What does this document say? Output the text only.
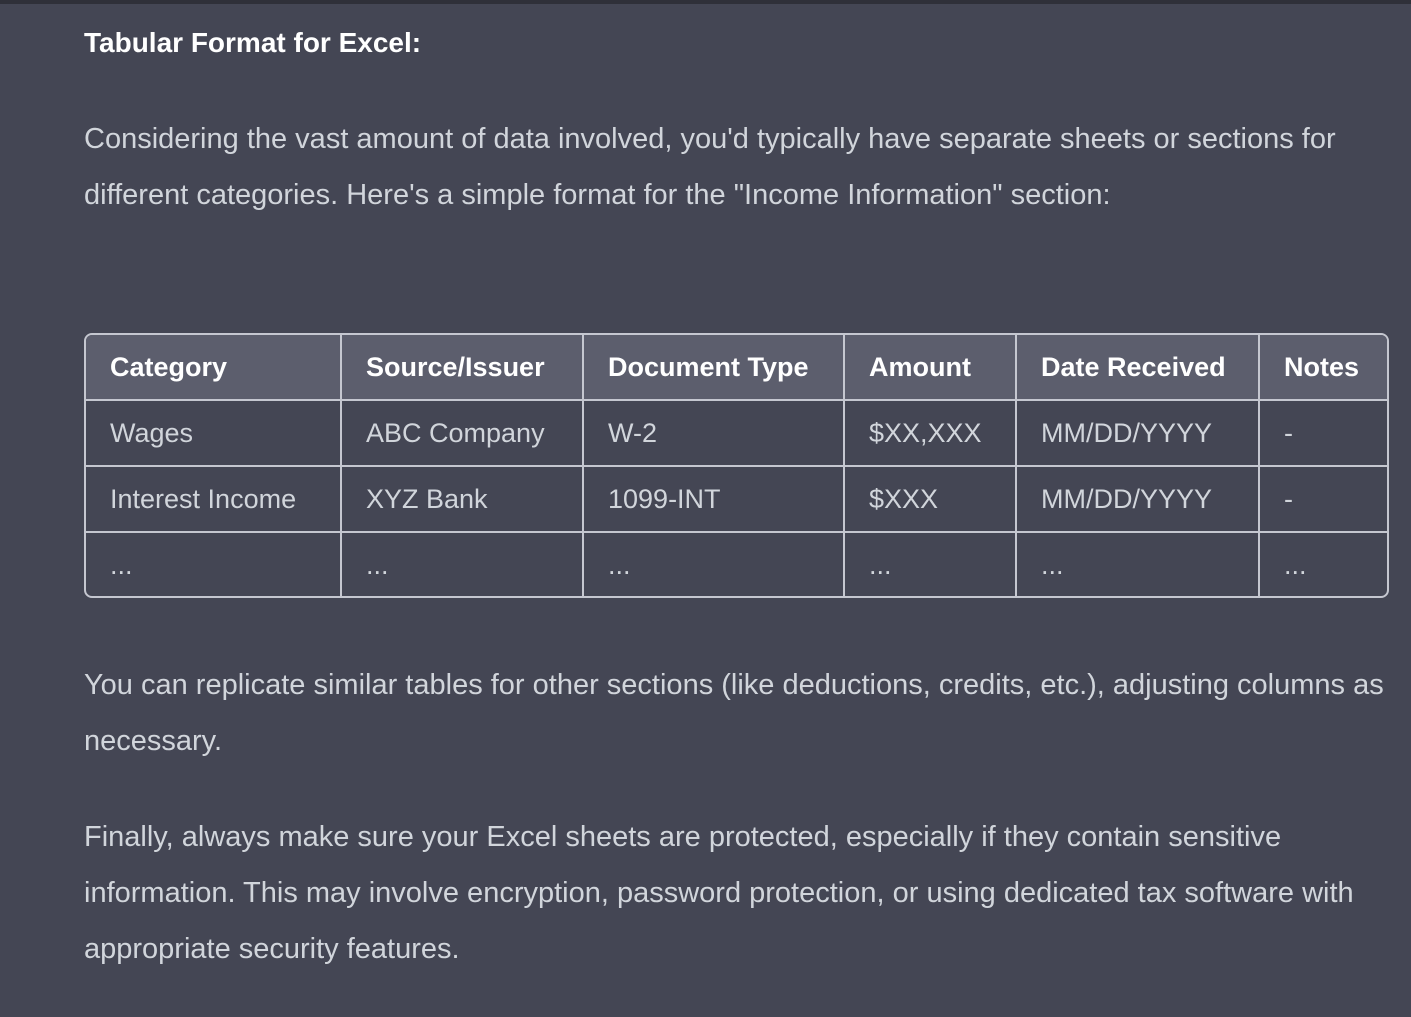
Tabular Format for Excel:

Considering the vast amount of data involved, you'd typically have separate sheets or sections for different categories. Here's a simple format for the "Income Information" section:

Category	Source/Issuer	Document Type	Amount	Date Received	Notes
Wages	ABC Company	W-2	$XX,XXX	MM/DD/YYYY	-
Interest Income	XYZ Bank	1099-INT	$XXX	MM/DD/YYYY	-
...	...	...	...	...	...

You can replicate similar tables for other sections (like deductions, credits, etc.), adjusting columns as necessary.

Finally, always make sure your Excel sheets are protected, especially if they contain sensitive information. This may involve encryption, password protection, or using dedicated tax software with appropriate security features.
